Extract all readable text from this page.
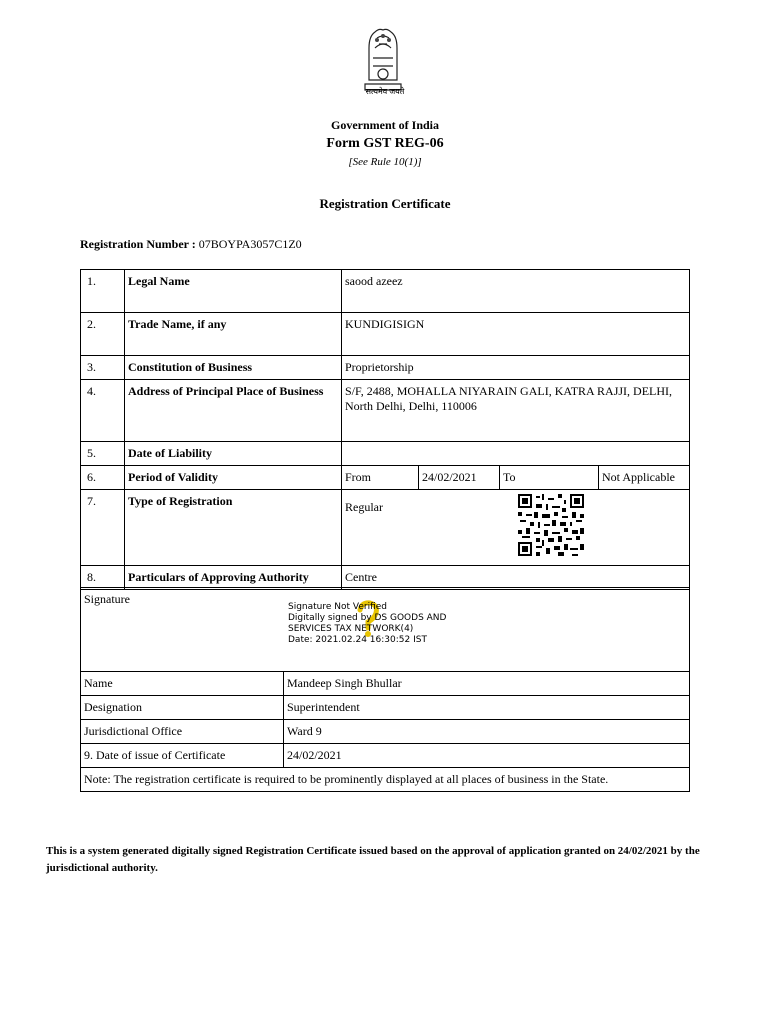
सत्यमेव जयते
Government of India
Form GST REG-06
[See Rule 10(1)]
Registration Certificate
Registration Number : 07BOYPA3057C1Z0
1.	Legal Name	saood azeez			
2.	Trade Name, if any	KUNDIGISIGN			
3.	Constitution of Business	Proprietorship			
4.	Address of Principal Place of Business	S/F, 2488, MOHALLA NIYARAIN GALI, KATRA RAJJI, DELHI, North Delhi, Delhi, 110006			
5.	Date of Liability				
6.	Period of Validity	From	24/02/2021	To	Not Applicable
7.	Type of Registration	Regular			
8.	Particulars of Approving Authority	Centre			
Signature	
Name	Mandeep Singh Bhullar
Designation	Superintendent
Jurisdictional Office	Ward 9
9. Date of issue of Certificate	24/02/2021
Note: The registration certificate is required to be prominently displayed at all places of business in the State.	
Signature Not Verified
Digitally signed by DS GOODS AND
SERVICES TAX NETWORK(4)
Date: 2021.02.24 16:30:52 IST
This is a system generated digitally signed Registration Certificate issued based on the approval of application granted on 24/02/2021 by the jurisdictional authority.
